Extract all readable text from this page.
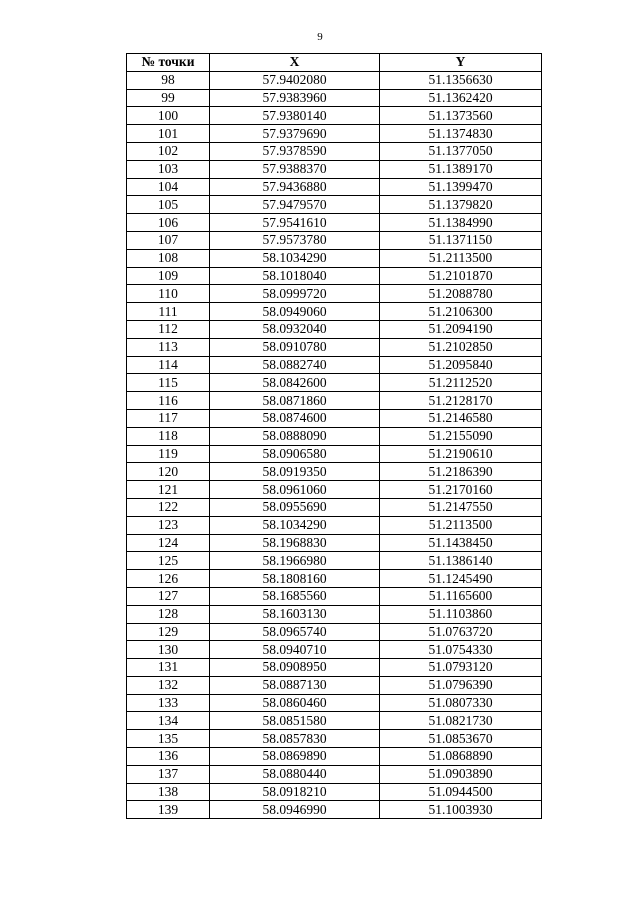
9
№ точки	X	Y
98	57.9402080	51.1356630
99	57.9383960	51.1362420
100	57.9380140	51.1373560
101	57.9379690	51.1374830
102	57.9378590	51.1377050
103	57.9388370	51.1389170
104	57.9436880	51.1399470
105	57.9479570	51.1379820
106	57.9541610	51.1384990
107	57.9573780	51.1371150
108	58.1034290	51.2113500
109	58.1018040	51.2101870
110	58.0999720	51.2088780
111	58.0949060	51.2106300
112	58.0932040	51.2094190
113	58.0910780	51.2102850
114	58.0882740	51.2095840
115	58.0842600	51.2112520
116	58.0871860	51.2128170
117	58.0874600	51.2146580
118	58.0888090	51.2155090
119	58.0906580	51.2190610
120	58.0919350	51.2186390
121	58.0961060	51.2170160
122	58.0955690	51.2147550
123	58.1034290	51.2113500
124	58.1968830	51.1438450
125	58.1966980	51.1386140
126	58.1808160	51.1245490
127	58.1685560	51.1165600
128	58.1603130	51.1103860
129	58.0965740	51.0763720
130	58.0940710	51.0754330
131	58.0908950	51.0793120
132	58.0887130	51.0796390
133	58.0860460	51.0807330
134	58.0851580	51.0821730
135	58.0857830	51.0853670
136	58.0869890	51.0868890
137	58.0880440	51.0903890
138	58.0918210	51.0944500
139	58.0946990	51.1003930
